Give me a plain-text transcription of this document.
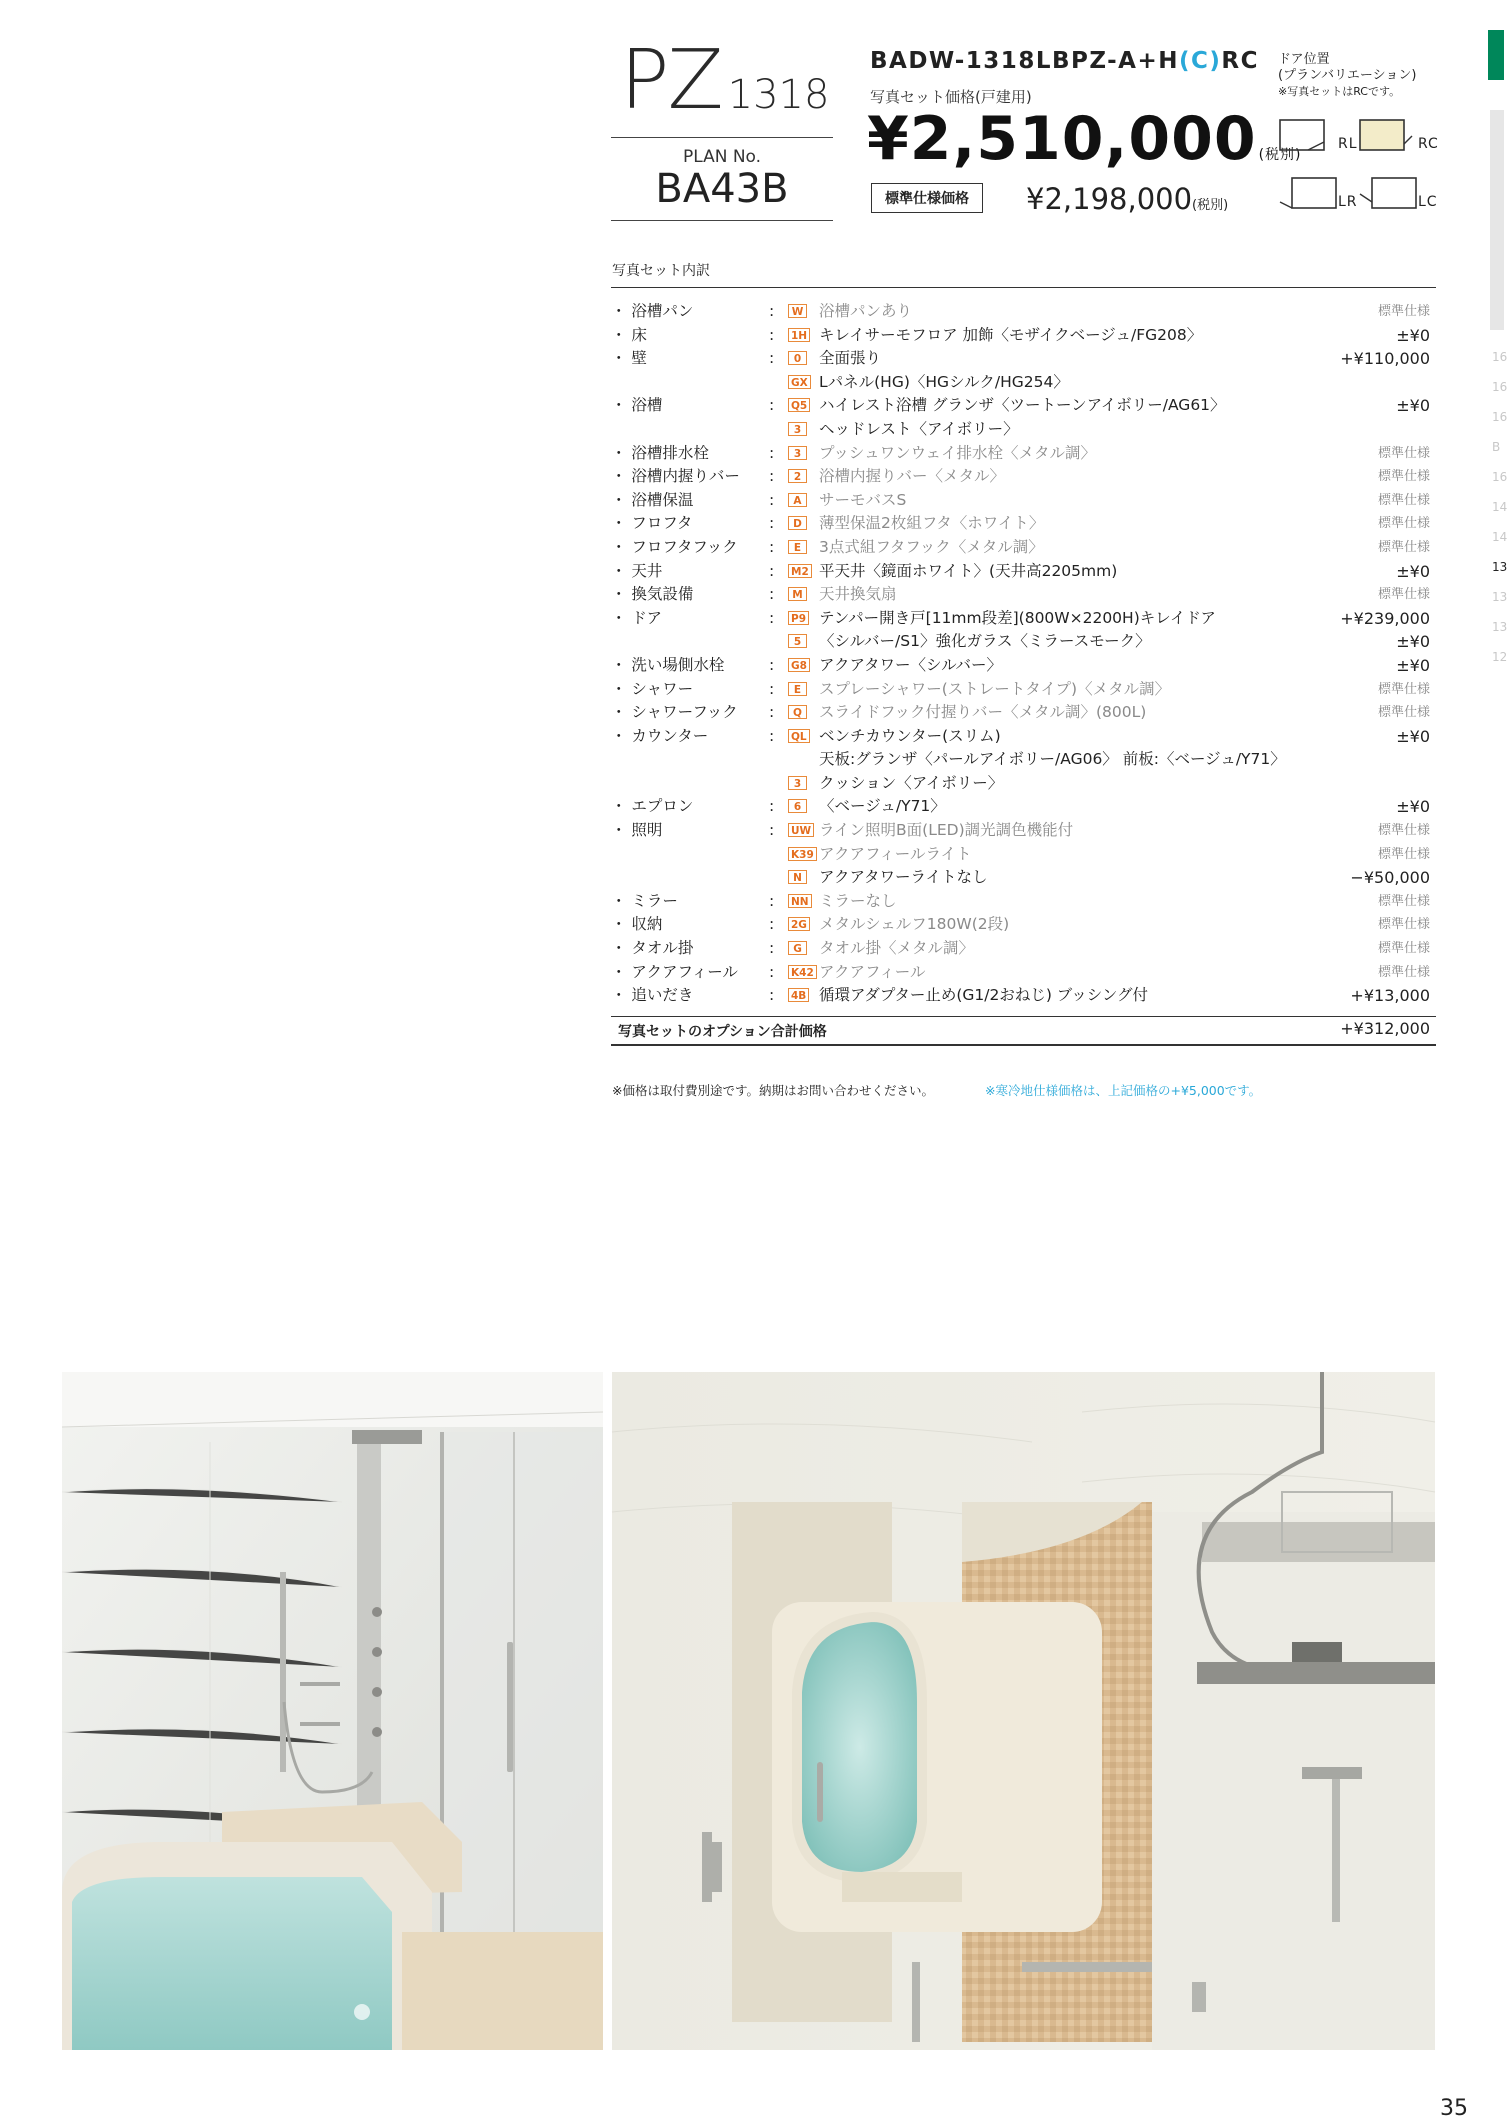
PZ 1318
PLAN No.
BA43B
BADW-1318LBPZ-A+H(C)RC
写真セット価格(戸建用)
¥2,510,000 (税別)
標準仕様価格	¥2,198,000(税別)
ドア位置
(プランバリエーション)
※写真セットはRCです。
RL	RC
LR	LC
16
16
16
B
16
14
14
13
13
13
12
写真セット内訳
・ 浴槽パン	:	W 浴槽パンあり	標準仕様
・ 床	: 1H キレイサーモフロア 加飾〈モザイクベージュ/FG208〉	±¥0
・ 壁	:	0	全面張り	+¥110,000
GX Lパネル(HG)〈HGシルク/HG254〉
・ 浴槽	: Q5 ハイレスト浴槽 グランザ〈ツートーンアイボリー/AG61〉	±¥0
3	ヘッドレスト〈アイボリー〉
・ 浴槽排水栓	:	3	プッシュワンウェイ排水栓〈メタル調〉	標準仕様
・ 浴槽内握りバー :	2	浴槽内握りバー〈メタル〉	標準仕様
・ 浴槽保温	:	A	サーモバスS	標準仕様
・ フロフタ	:	D	薄型保温2枚組フタ〈ホワイト〉	標準仕様
・ フロフタフック :	E	3点式組フタフック〈メタル調〉	標準仕様
・ 天井	: M2 平天井〈鏡面ホワイト〉(天井高2205mm)	±¥0
・ 換気設備	:	M 天井換気扇	標準仕様
・ ドア	: P9 テンパー開き戸[11mm段差](800W×2200H)キレイドア	+¥239,000
5	〈シルバー/S1〉強化ガラス〈ミラースモーク〉	±¥0
・ 洗い場側水栓	: G8 アクアタワー〈シルバー〉	±¥0
・ シャワー	:	E	スプレーシャワー(ストレートタイプ)〈メタル調〉	標準仕様
・ シャワーフック :	Q	スライドフック付握りバー〈メタル調〉(800L)	標準仕様
・ カウンター	: QL ベンチカウンター(スリム)	±¥0
天板:グランザ〈パールアイボリー/AG06〉 前板:〈ベージュ/Y71〉
3	クッション〈アイボリー〉
・ エプロン	:	6	〈ベージュ/Y71〉	±¥0
・ 照明	: UW ライン照明B面(LED)調光調色機能付	標準仕様
K39 アクアフィールライト	標準仕様
N	アクアタワーライトなし	−¥50,000
・ ミラー	: NN ミラーなし	標準仕様
・ 収納	: 2G メタルシェルフ180W(2段)	標準仕様
・ タオル掛	:	G	タオル掛〈メタル調〉	標準仕様
・ アクアフィール : K42 アクアフィール	標準仕様
・ 追いだき	: 4B 循環アダプター止め(G1/2おねじ) ブッシング付	+¥13,000
写真セットのオプション合計価格	+¥312,000
※価格は取付費別途です。納期はお問い合わせください。	※寒冷地仕様価格は、上記価格の+¥5,000です。
35
